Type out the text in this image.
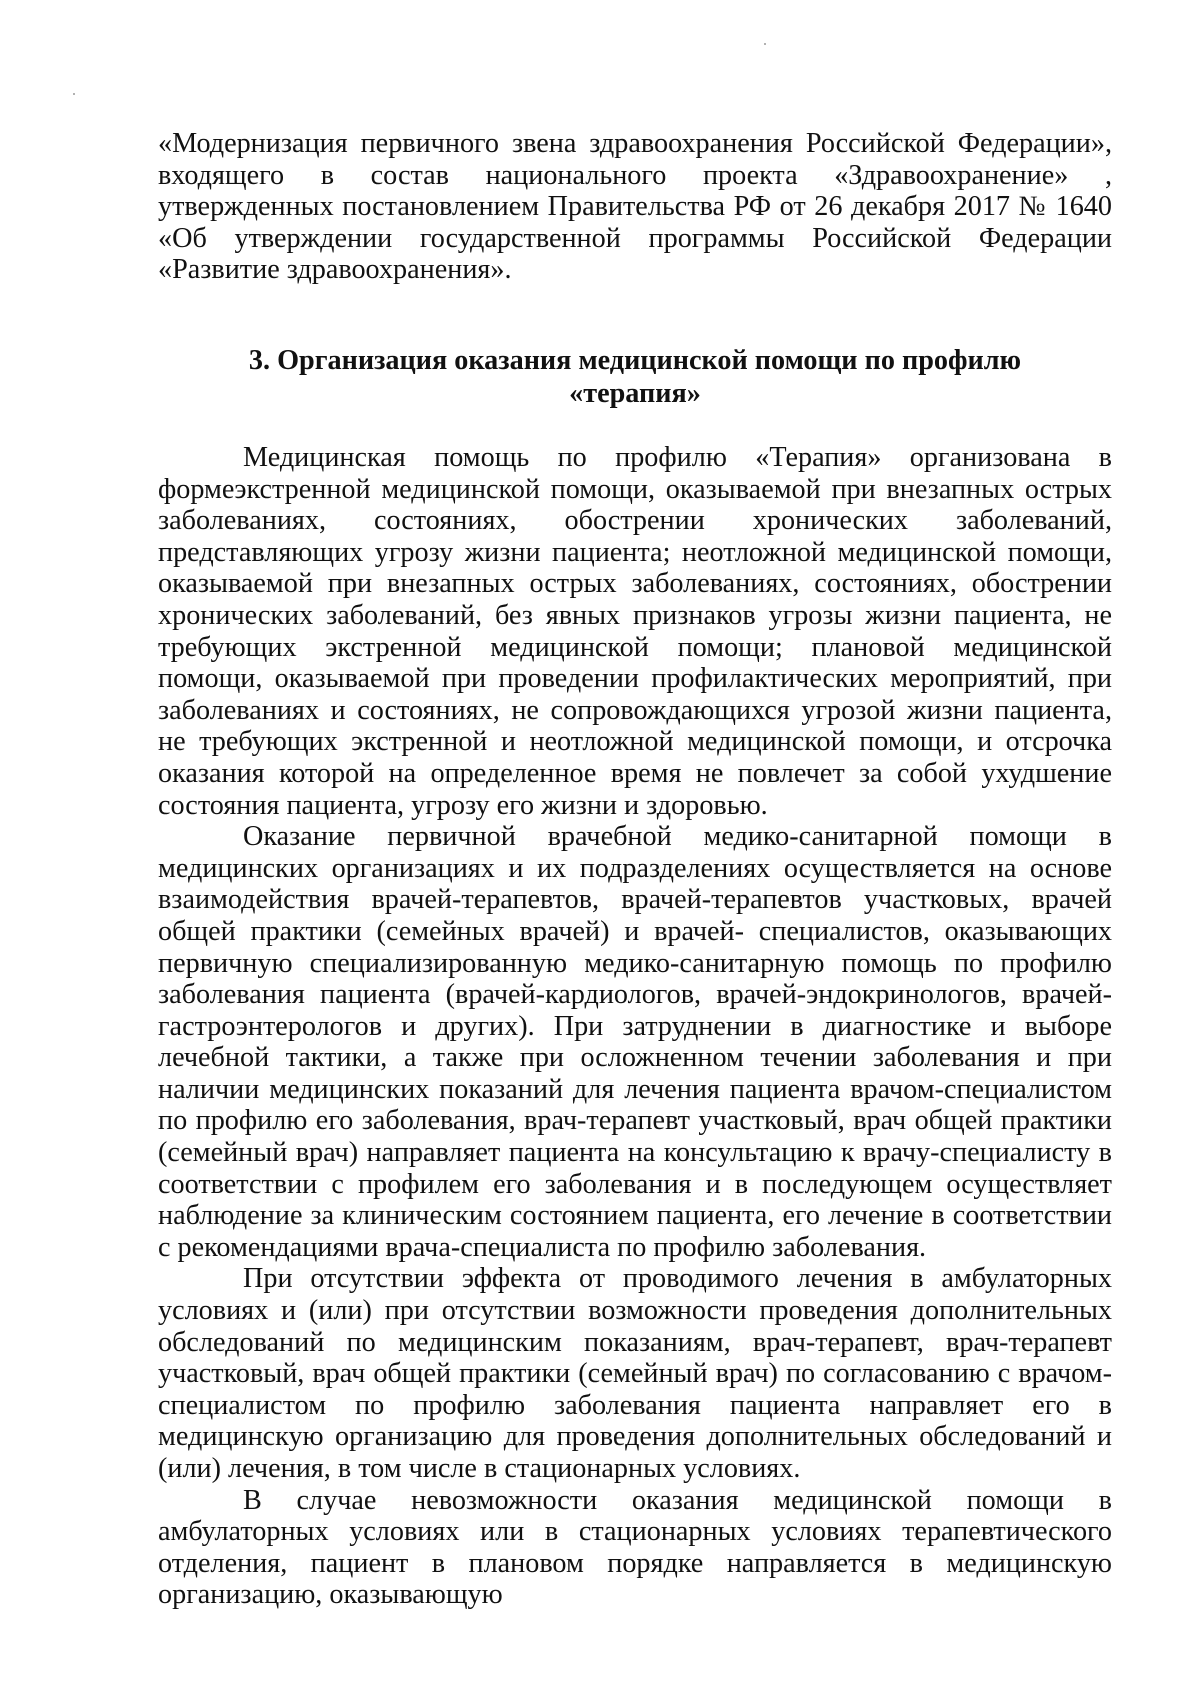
«Модернизация первичного звена здравоохранения Российской Федерации», входящего в состав национального проекта «Здравоохранение» , утвержденных постановлением Правительства РФ от 26 декабря 2017 № 1640 «Об утверждении государственной программы Российской Федерации «Развитие здравоохранения».

3. Организация оказания медицинской помощи по профилю
«терапия»

Медицинская помощь по профилю «Терапия» организована в формеэкстренной медицинской помощи, оказываемой при внезапных острых заболеваниях, состояниях, обострении хронических заболеваний, представляющих угрозу жизни пациента; неотложной медицинской помощи, оказываемой при внезапных острых заболеваниях, состояниях, обострении хронических заболеваний, без явных признаков угрозы жизни пациента, не требующих экстренной медицинской помощи; плановой медицинской помощи, оказываемой при проведении профилактических мероприятий, при заболеваниях и состояниях, не сопровождающихся угрозой жизни пациента, не требующих экстренной и неотложной медицинской помощи, и отсрочка оказания которой на определенное время не повлечет за собой ухудшение состояния пациента, угрозу его жизни и здоровью.

Оказание первичной врачебной медико-санитарной помощи в медицинских организациях и их подразделениях осуществляется на основе взаимодействия врачей-терапевтов, врачей-терапевтов участковых, врачей общей практики (семейных врачей) и врачей- специалистов, оказывающих первичную специализированную медико-санитарную помощь по профилю заболевания пациента (врачей-кардиологов, врачей-эндокринологов, врачей-гастроэнтерологов и других). При затруднении в диагностике и выборе лечебной тактики, а также при осложненном течении заболевания и при наличии медицинских показаний для лечения пациента врачом-специалистом по профилю его заболевания, врач-терапевт участковый, врач общей практики (семейный врач) направляет пациента на консультацию к врачу-специалисту в соответствии с профилем его заболевания и в последующем осуществляет наблюдение за клиническим состоянием пациента, его лечение в соответствии с рекомендациями врача-специалиста по профилю заболевания.

При отсутствии эффекта от проводимого лечения в амбулаторных условиях и (или) при отсутствии возможности проведения дополнительных обследований по медицинским показаниям, врач-терапевт, врач-терапевт участковый, врач общей практики (семейный врач) по согласованию с врачом-специалистом по профилю заболевания пациента направляет его в медицинскую организацию для проведения дополнительных обследований и (или) лечения, в том числе в стационарных условиях.

В случае невозможности оказания медицинской помощи в амбулаторных условиях или в стационарных условиях терапевтического отделения, пациент в плановом порядке направляется в медицинскую организацию, оказывающую
